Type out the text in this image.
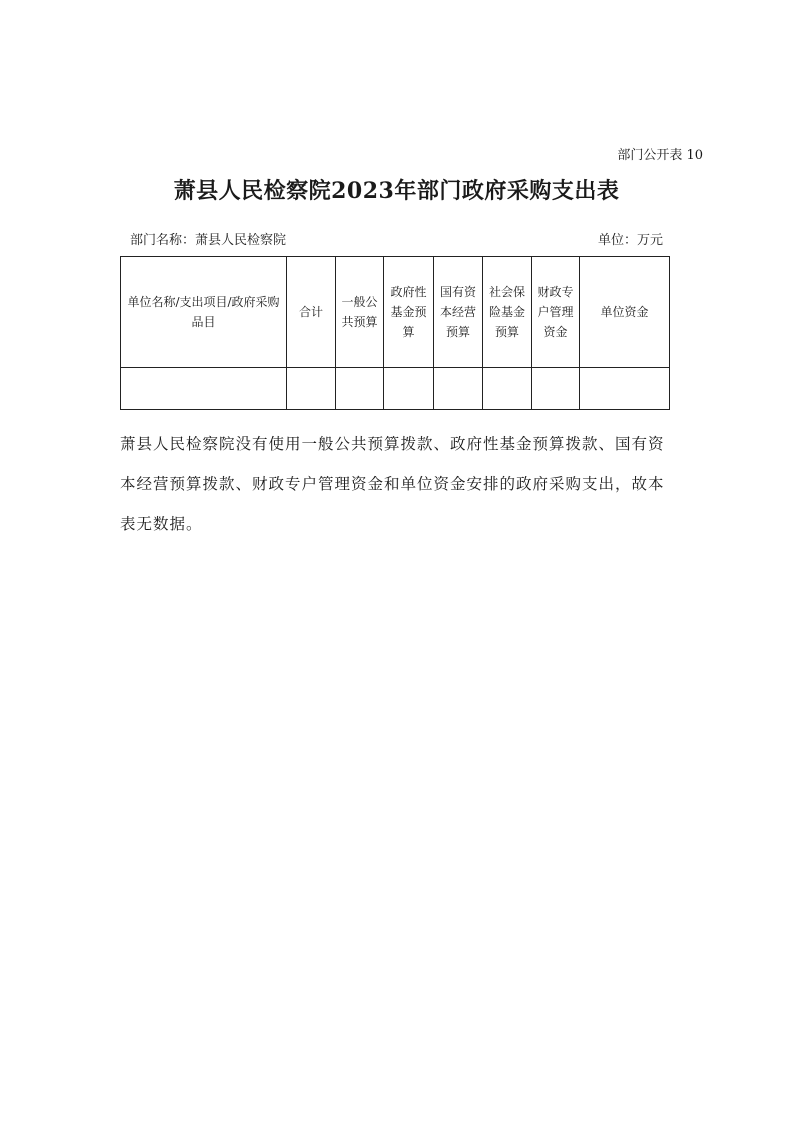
部门公开表 10
萧县人民检察院2023年部门政府采购支出表
部门名称：萧县人民检察院	单位：万元
单位名称/支出项目/政府采购品目	合计	一般公共预算	政府性基金预算	国有资本经营预算	社会保险基金预算	财政专户管理资金	单位资金

萧县人民检察院没有使用一般公共预算拨款、政府性基金预算拨款、国有资本经营预算拨款、财政专户管理资金和单位资金安排的政府采购支出，故本表无数据。
